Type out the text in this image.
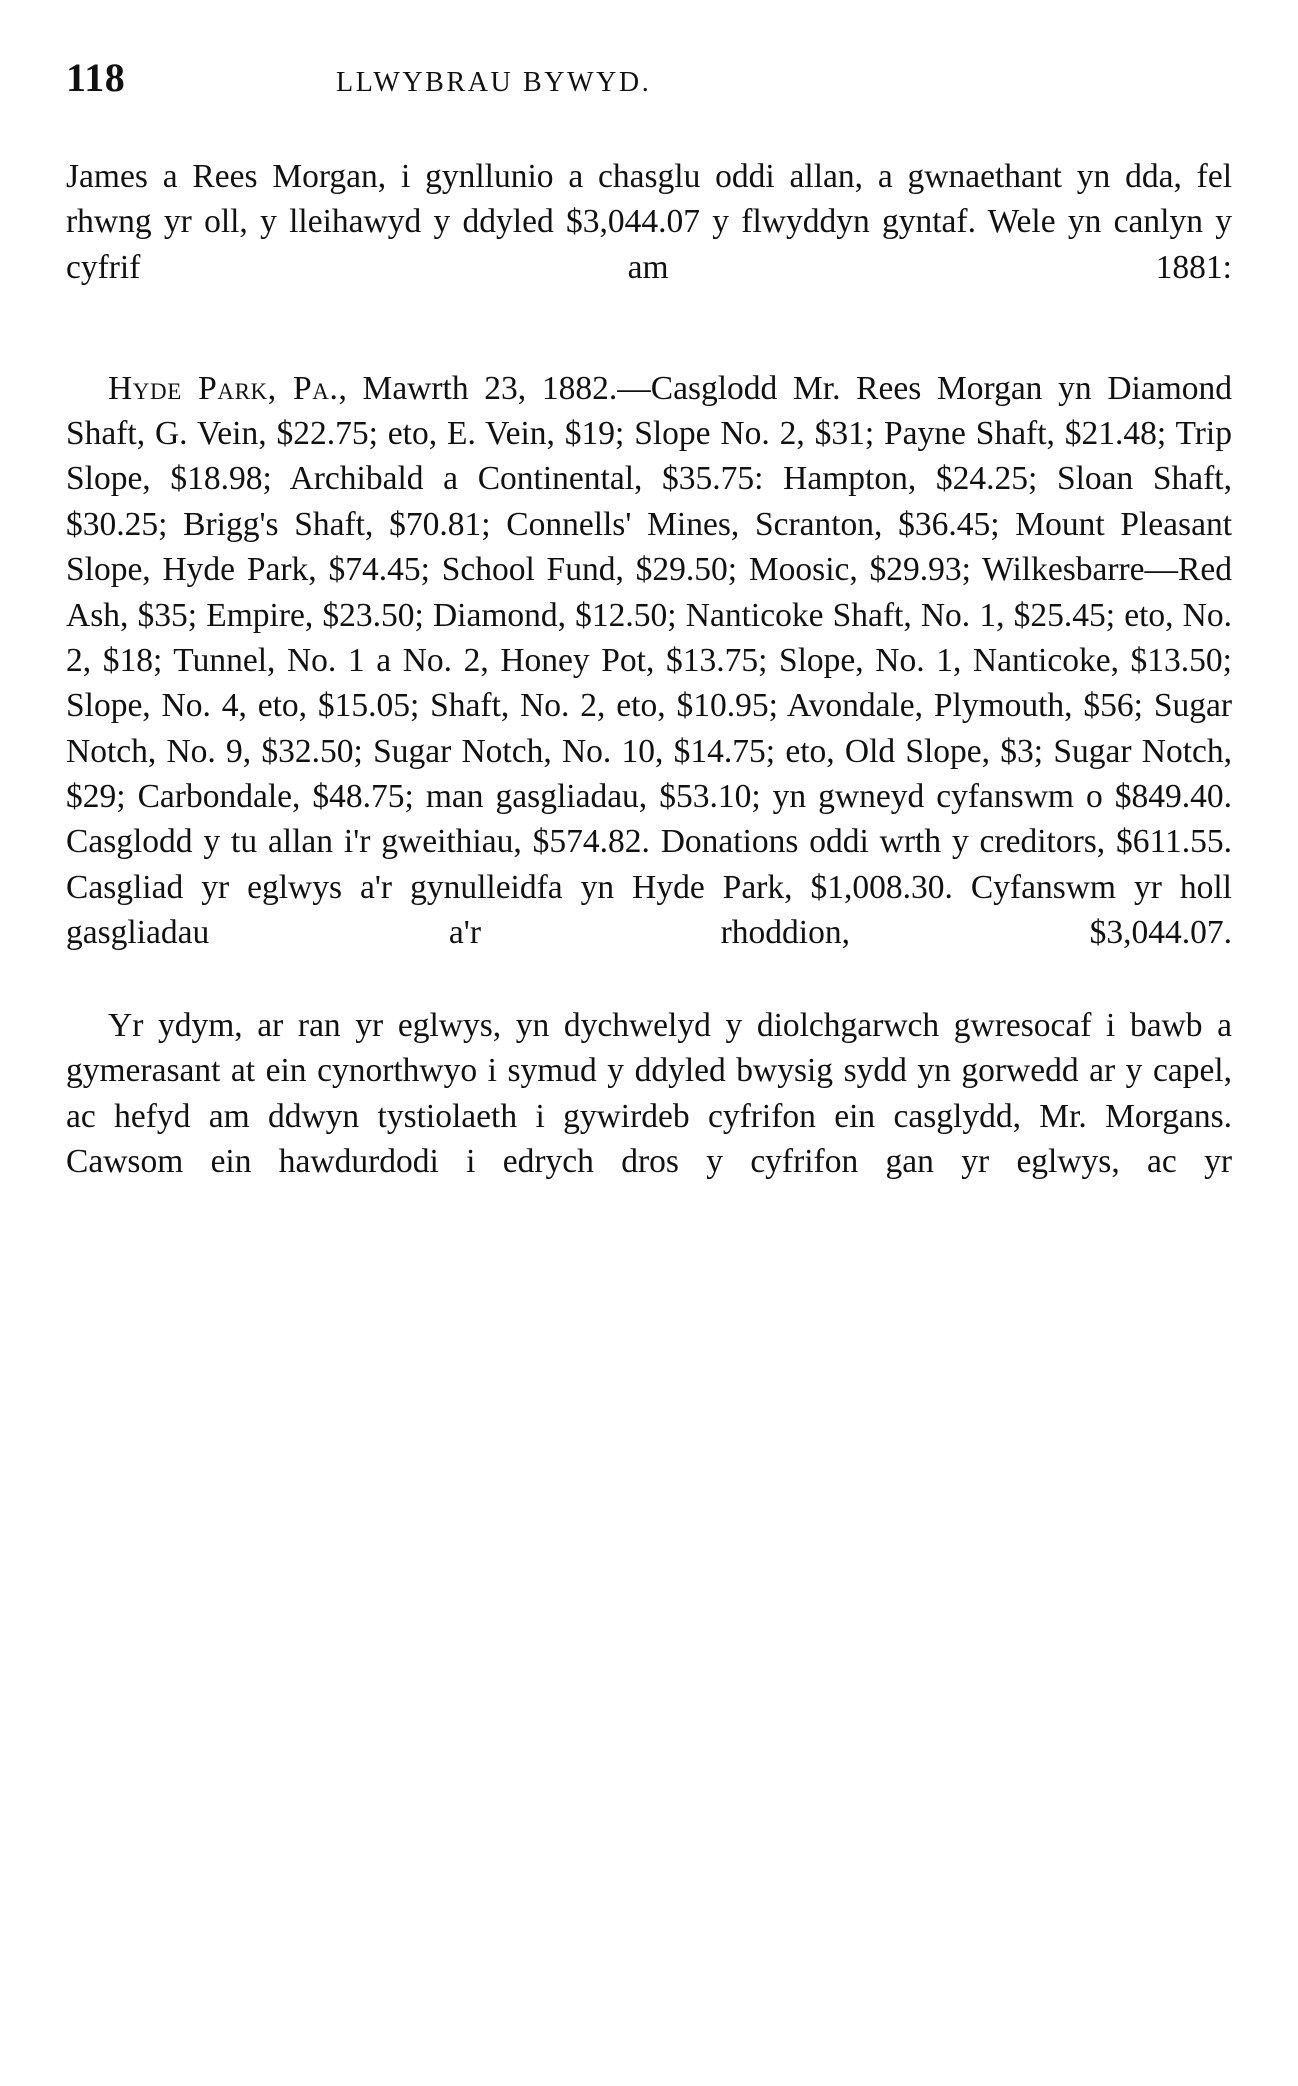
118	LLWYBRAU BYWYD.

James a Rees Morgan, i gynllunio a chasglu oddi allan, a gwnaethant yn dda, fel rhwng yr oll, y lleihawyd y ddyled $3,044.07 y flwyddyn gyntaf. Wele yn canlyn y cyfrif am 1881:

Hyde Park, Pa., Mawrth 23, 1882.—Casglodd Mr. Rees Morgan yn Diamond Shaft, G. Vein, $22.75; eto, E. Vein, $19; Slope No. 2, $31; Payne Shaft, $21.48; Trip Slope, $18.98; Archibald a Continental, $35.75: Hampton, $24.25; Sloan Shaft, $30.25; Brigg's Shaft, $70.81; Connells' Mines, Scranton, $36.45; Mount Pleasant Slope, Hyde Park, $74.45; School Fund, $29.50; Moosic, $29.93; Wilkesbarre—Red Ash, $35; Empire, $23.50; Diamond, $12.50; Nanticoke Shaft, No. 1, $25.45; eto, No. 2, $18; Tunnel, No. 1 a No. 2, Honey Pot, $13.75; Slope, No. 1, Nanticoke, $13.50; Slope, No. 4, eto, $15.05; Shaft, No. 2, eto, $10.95; Avondale, Plymouth, $56; Sugar Notch, No. 9, $32.50; Sugar Notch, No. 10, $14.75; eto, Old Slope, $3; Sugar Notch, $29; Carbondale, $48.75; man gasgliadau, $53.10; yn gwneyd cyfanswm o $849.40. Casglodd y tu allan i'r gweithiau, $574.82. Donations oddi wrth y creditors, $611.55. Casgliad yr eglwys a'r gynulleidfa yn Hyde Park, $1,008.30. Cyfanswm yr holl gasgliadau a'r rhoddion, $3,044.07.

Yr ydym, ar ran yr eglwys, yn dychwelyd y diolchgarwch gwresocaf i bawb a gymerasant at ein cynorthwyo i symud y ddyled bwysig sydd yn gorwedd ar y capel, ac hefyd am ddwyn tystiolaeth i gywirdeb cyfrifon ein casglydd, Mr. Morgans. Cawsom ein hawdurdodi i edrych dros y cyfrifon gan yr eglwys, ac yr
